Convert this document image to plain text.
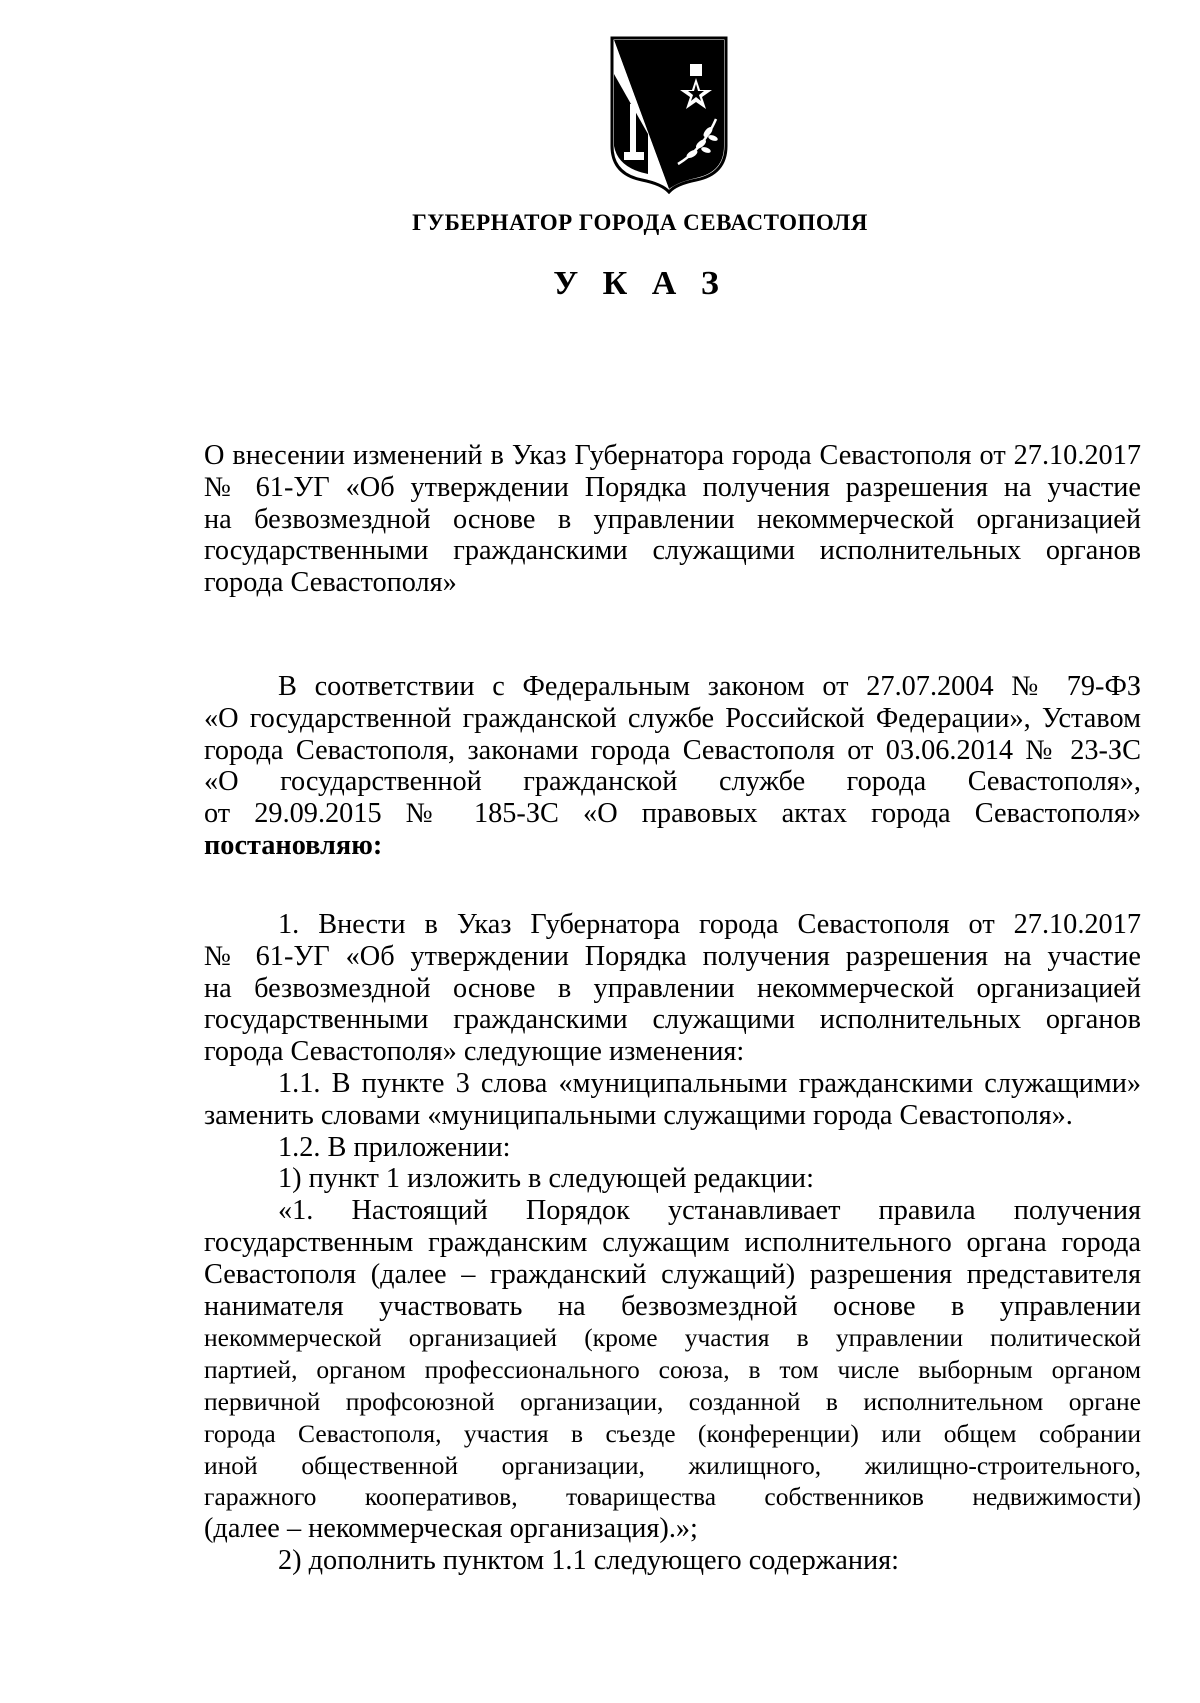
ГУБЕРНАТОР ГОРОДА СЕВАСТОПОЛЯ
У К А З
О внесении изменений в Указ Губернатора города Севастополя от 27.10.2017
№ 61-УГ «Об утверждении Порядка получения разрешения на участие
на безвозмездной основе в управлении некоммерческой организацией
государственными гражданскими служащими исполнительных органов
города Севастополя»
В соответствии с Федеральным законом от 27.07.2004 № 79-ФЗ
«О государственной гражданской службе Российской Федерации», Уставом
города Севастополя, законами города Севастополя от 03.06.2014 № 23-ЗС
«О государственной гражданской службе города Севастополя»,
от 29.09.2015 № 185-ЗС «О правовых актах города Севастополя»
постановляю:
1. Внести в Указ Губернатора города Севастополя от 27.10.2017
№ 61-УГ «Об утверждении Порядка получения разрешения на участие
на безвозмездной основе в управлении некоммерческой организацией
государственными гражданскими служащими исполнительных органов
города Севастополя» следующие изменения:
1.1. В пункте 3 слова «муниципальными гражданскими служащими»
заменить словами «муниципальными служащими города Севастополя».
1.2. В приложении:
1) пункт 1 изложить в следующей редакции:
«1. Настоящий Порядок устанавливает правила получения
государственным гражданским служащим исполнительного органа города
Севастополя (далее – гражданский служащий) разрешения представителя
нанимателя участвовать на безвозмездной основе в управлении
некоммерческой организацией (кроме участия в управлении политической
партией, органом профессионального союза, в том числе выборным органом
первичной профсоюзной организации, созданной в исполнительном органе
города Севастополя, участия в съезде (конференции) или общем собрании
иной общественной организации, жилищного, жилищно-строительного,
гаражного кооперативов, товарищества собственников недвижимости)
(далее – некоммерческая организация).»;
2) дополнить пунктом 1.1 следующего содержания:
